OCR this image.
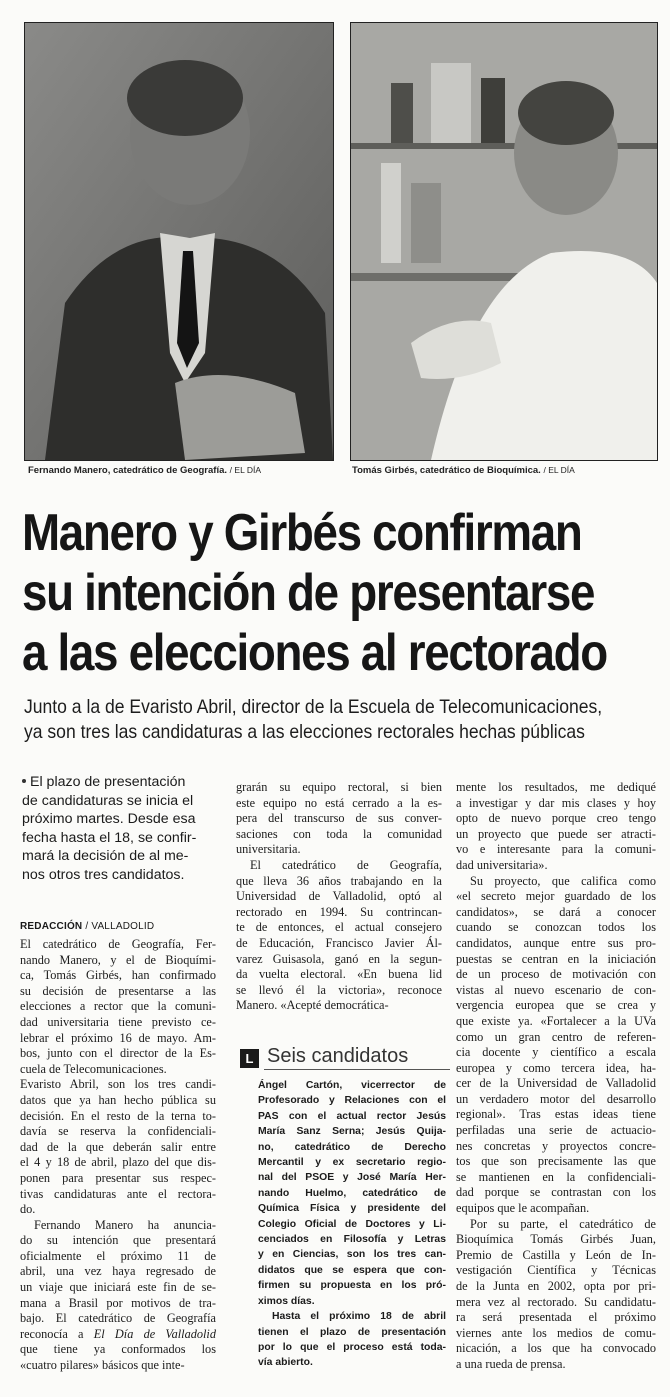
Fernando Manero, catedrático de Geografía. / EL DÍA	Tomás Girbés, catedrático de Bioquímica. / EL DÍA
Manero y Girbés confirman
su intención de presentarse
a las elecciones al rectorado
Junto a la de Evaristo Abril, director de la Escuela de Telecomunicaciones,
ya son tres las candidaturas a las elecciones rectorales hechas públicas
El plazo de presentación
de candidaturas se inicia el
próximo martes. Desde esa
fecha hasta el 18, se confir-
mará la decisión de al me-
nos otros tres candidatos.
REDACCIÓN / VALLADOLID
El catedrático de Geografía, Fer-
nando Manero, y el de Bioquími-
ca, Tomás Girbés, han confirmado
su decisión de presentarse a las
elecciones a rector que la comuni-
dad universitaria tiene previsto ce-
lebrar el próximo 16 de mayo. Am-
bos, junto con el director de la Es-
cuela de Telecomunicaciones.
Evaristo Abril, son los tres candi-
datos que ya han hecho pública su
decisión. En el resto de la terna to-
davía se reserva la confidenciali-
dad de la que deberán salir entre
el 4 y 18 de abril, plazo del que dis-
ponen para presentar sus respec-
tivas candidaturas ante el rectora-
do.
Fernando Manero ha anuncia-
do su intención que presentará
oficialmente el próximo 11 de
abril, una vez haya regresado de
un viaje que iniciará este fin de se-
mana a Brasil por motivos de tra-
bajo. El catedrático de Geografía
reconocía a El Día de Valladolid
que tiene ya conformados los
«cuatro pilares» básicos que inte-
grarán su equipo rectoral, si bien
este equipo no está cerrado a la es-
pera del transcurso de sus conver-
saciones con toda la comunidad
universitaria.
El catedrático de Geografía,
que lleva 36 años trabajando en la
Universidad de Valladolid, optó al
rectorado en 1994. Su contrincan-
te de entonces, el actual consejero
de Educación, Francisco Javier Ál-
varez Guisasola, ganó en la segun-
da vuelta electoral. «En buena lid
se llevó él la victoria», reconoce
Manero. «Acepté democrática-
L Seis candidatos
Ángel Cartón, vicerrector de
Profesorado y Relaciones con el
PAS con el actual rector Jesús
María Sanz Serna; Jesús Quija-
no, catedrático de Derecho
Mercantil y ex secretario regio-
nal del PSOE y José María Her-
nando Huelmo, catedrático de
Química Física y presidente del
Colegio Oficial de Doctores y Li-
cenciados en Filosofía y Letras
y en Ciencias, son los tres can-
didatos que se espera que con-
firmen su propuesta en los pró-
ximos días.
Hasta el próximo 18 de abril
tienen el plazo de presentación
por lo que el proceso está toda-
vía abierto.
mente los resultados, me dediqué
a investigar y dar mis clases y hoy
opto de nuevo porque creo tengo
un proyecto que puede ser atracti-
vo e interesante para la comuni-
dad universitaria».
Su proyecto, que califica como
«el secreto mejor guardado de los
candidatos», se dará a conocer
cuando se conozcan todos los
candidatos, aunque entre sus pro-
puestas se centran en la iniciación
de un proceso de motivación con
vistas al nuevo escenario de con-
vergencia europea que se crea y
que existe ya. «Fortalecer a la UVa
como un gran centro de referen-
cia docente y científico a escala
europea y como tercera idea, ha-
cer de la Universidad de Valladolid
un verdadero motor del desarrollo
regional». Tras estas ideas tiene
perfiladas una serie de actuacio-
nes concretas y proyectos concre-
tos que son precisamente las que
se mantienen en la confidenciali-
dad porque se contrastan con los
equipos que le acompañan.
Por su parte, el catedrático de
Bioquímica Tomás Girbés Juan,
Premio de Castilla y León de In-
vestigación Científica y Técnicas
de la Junta en 2002, opta por pri-
mera vez al rectorado. Su candidatu-
ra será presentada el próximo
viernes ante los medios de comu-
nicación, a los que ha convocado
a una rueda de prensa.
